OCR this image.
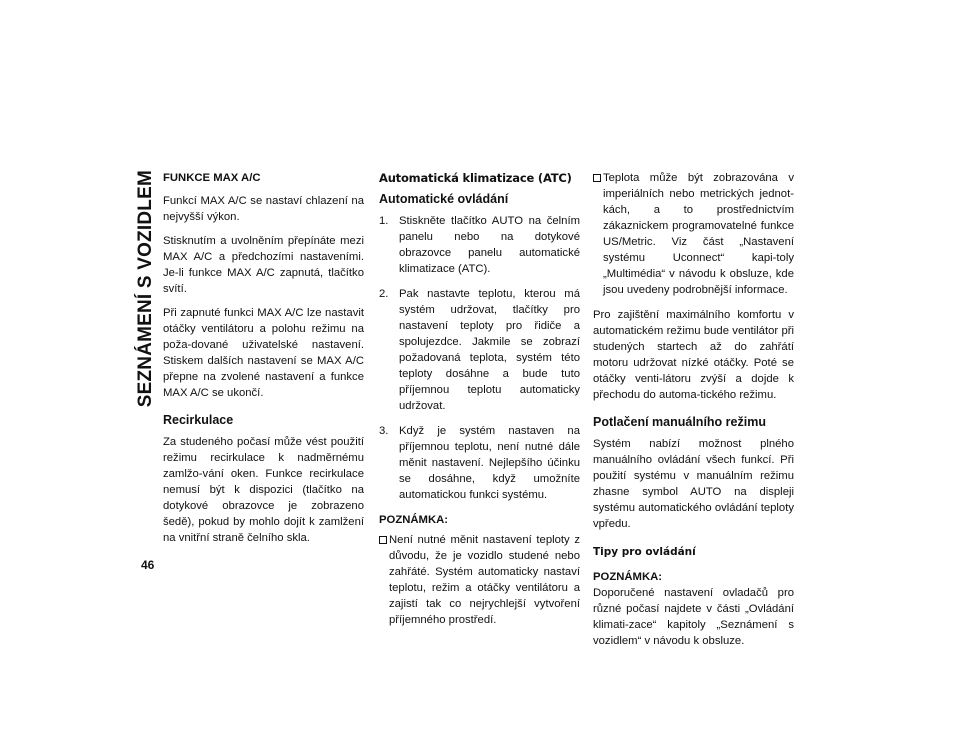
SEZNÁMENÍ S VOZIDLEM
46
FUNKCE MAX A/C

Funkcí MAX A/C se nastaví chlazení na nejvyšší výkon.

Stisknutím a uvolněním přepínáte mezi MAX A/C a předchozími nastaveními. Je-li funkce MAX A/C zapnutá, tlačítko svítí.

Při zapnuté funkci MAX A/C lze nastavit otáčky ventilátoru a polohu režimu na poža-dované uživatelské nastavení. Stiskem dalších nastavení se MAX A/C přepne na zvolené nastavení a funkce MAX A/C se ukončí.

Recirkulace

Za studeného počasí může vést použití režimu recirkulace k nadměrnému zamlžo-vání oken. Funkce recirkulace nemusí být k dispozici (tlačítko na dotykové obrazovce je zobrazeno šedě), pokud by mohlo dojít k zamlžení na vnitřní straně čelního skla.

Automatická klimatizace (ATC)
Automatické ovládání
1. Stiskněte tlačítko AUTO na čelním panelu nebo na dotykové obrazovce panelu automatické klimatizace (ATC).
2. Pak nastavte teplotu, kterou má systém udržovat, tlačítky pro nastavení teploty pro řidiče a spolujezdce. Jakmile se zobrazí požadovaná teplota, systém této teploty dosáhne a bude tuto příjemnou teplotu automaticky udržovat.
3. Když je systém nastaven na příjemnou teplotu, není nutné dále měnit nastavení. Nejlepšího účinku se dosáhne, když umožníte automatickou funkci systému.
POZNÁMKA:
Není nutné měnit nastavení teploty z důvodu, že je vozidlo studené nebo zahřáté. Systém automaticky nastaví teplotu, režim a otáčky ventilátoru a zajistí tak co nejrychlejší vytvoření příjemného prostředí.
Teplota může být zobrazována v imperiálních nebo metrických jednot-kách, a to prostřednictvím zákaznickem programovatelné funkce US/Metric. Viz část „Nastavení systému Uconnect“ kapi-toly „Multimédia“ v návodu k obsluze, kde jsou uvedeny podrobnější informace.

Pro zajištění maximálního komfortu v automatickém režimu bude ventilátor při studených startech až do zahřátí motoru udržovat nízké otáčky. Poté se otáčky venti-látoru zvýší a dojde k přechodu do automa-tického režimu.

Potlačení manuálního režimu

Systém nabízí možnost plného manuálního ovládání všech funkcí. Při použití systému v manuálním režimu zhasne symbol AUTO na displeji systému automatického ovládání teploty vpředu.

Tipy pro ovládání
POZNÁMKA:

Doporučené nastavení ovladačů pro různé počasí najdete v části „Ovládání klimati-zace“ kapitoly „Seznámení s vozidlem“ v návodu k obsluze.
